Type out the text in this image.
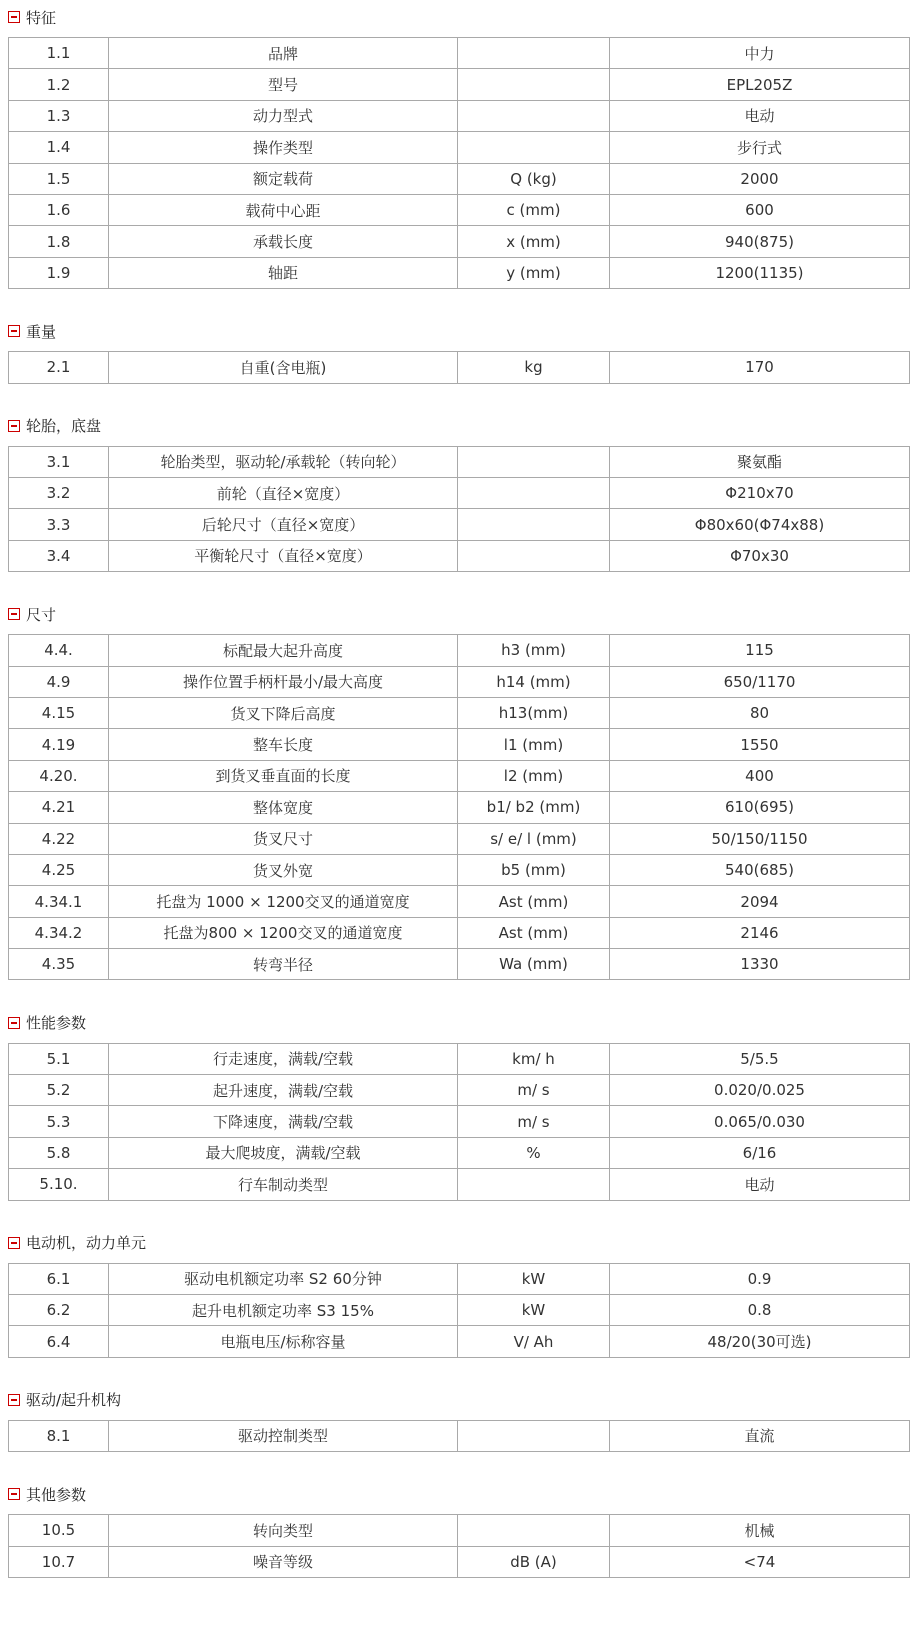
特征
1.1	品牌		中力
1.2	型号		EPL205Z
1.3	动力型式		电动
1.4	操作类型		步行式
1.5	额定载荷	Q (kg)	2000
1.6	载荷中心距	c (mm)	600
1.8	承载长度	x (mm)	940(875)
1.9	轴距	y (mm)	1200(1135)
重量
2.1	自重(含电瓶)	kg	170
轮胎，底盘
3.1	轮胎类型，驱动轮/承载轮（转向轮）		聚氨酯
3.2	前轮（直径×宽度）		Φ210x70
3.3	后轮尺寸（直径×宽度）		Φ80x60(Φ74x88)
3.4	平衡轮尺寸（直径×宽度）		Φ70x30
尺寸
4.4.	标配最大起升高度	h3 (mm)	115
4.9	操作位置手柄杆最小/最大高度	h14 (mm)	650/1170
4.15	货叉下降后高度	h13(mm)	80
4.19	整车长度	l1 (mm)	1550
4.20.	到货叉垂直面的长度	l2 (mm)	400
4.21	整体宽度	b1/ b2 (mm)	610(695)
4.22	货叉尺寸	s/ e/ l (mm)	50/150/1150
4.25	货叉外宽	b5 (mm)	540(685)
4.34.1	托盘为 1000 × 1200交叉的通道宽度	Ast (mm)	2094
4.34.2	托盘为800 × 1200交叉的通道宽度	Ast (mm)	2146
4.35	转弯半径	Wa (mm)	1330
性能参数
5.1	行走速度，满载/空载	km/ h	5/5.5
5.2	起升速度，满载/空载	m/ s	0.020/0.025
5.3	下降速度，满载/空载	m/ s	0.065/0.030
5.8	最大爬坡度，满载/空载	%	6/16
5.10.	行车制动类型		电动
电动机，动力单元
6.1	驱动电机额定功率 S2 60分钟	kW	0.9
6.2	起升电机额定功率 S3 15%	kW	0.8
6.4	电瓶电压/标称容量	V/ Ah	48/20(30可选)
驱动/起升机构
8.1	驱动控制类型		直流
其他参数
10.5	转向类型		机械
10.7	噪音等级	dB (A)	<74
